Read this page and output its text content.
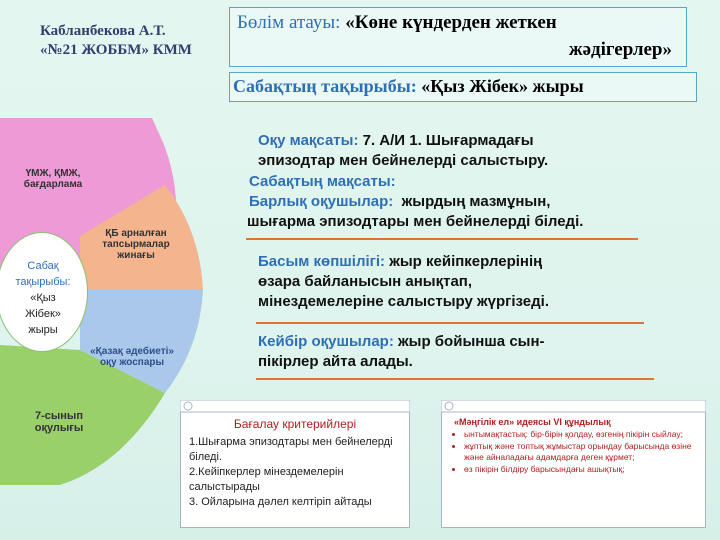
Кабланбекова А.Т.
«№21 ЖОББМ» КММ
Бөлім атауы: «Көне күндерден жеткен
жәдігерлер»
Сабақтың тақырыбы: «Қыз Жібек» жыры
Оқу мақсаты: 7. А/И 1. Шығармадағы
эпизодтар мен бейнелерді салыстыру.
Сабақтың мақсаты:
Барлық оқушылар: жырдың мазмұнын,
шығарма эпизодтары мен бейнелерді біледі.
Басым көпшілігі: жыр кейіпкерлерінің
өзара байланысын анықтап,
мінездемелеріне салыстыру жүргізеді.
Кейбір оқушылар: жыр бойынша сын-
пікірлер айта алады.
ҮМЖ, ҚМЖ,
бағдарлама
ҚБ арналған
тапсырмалар
жинағы
«Қазақ әдебиеті»
оқу жоспары
7-сынып
оқулығы
Сабақ
тақырыбы:
«Қыз
Жібек»
жыры
Бағалау критерийлері
1.Шығарма эпизодтары мен бейнелерді біледі.
2.Кейіпкерлер мінездемелерін салыстырады
3. Ойларына дәлел келтіріп айтады
«Мәңгілік ел» идеясы VI құндылық
• ынтымақтастық: бір-бірін қолдау, өзгенің пікірін сыйлау;
• жұптық және топтық жұмыстар орындау барысында өзіне және айналадағы адамдарға деген құрмет;
• өз пікірін білдіру барысындағы ашықтық;
